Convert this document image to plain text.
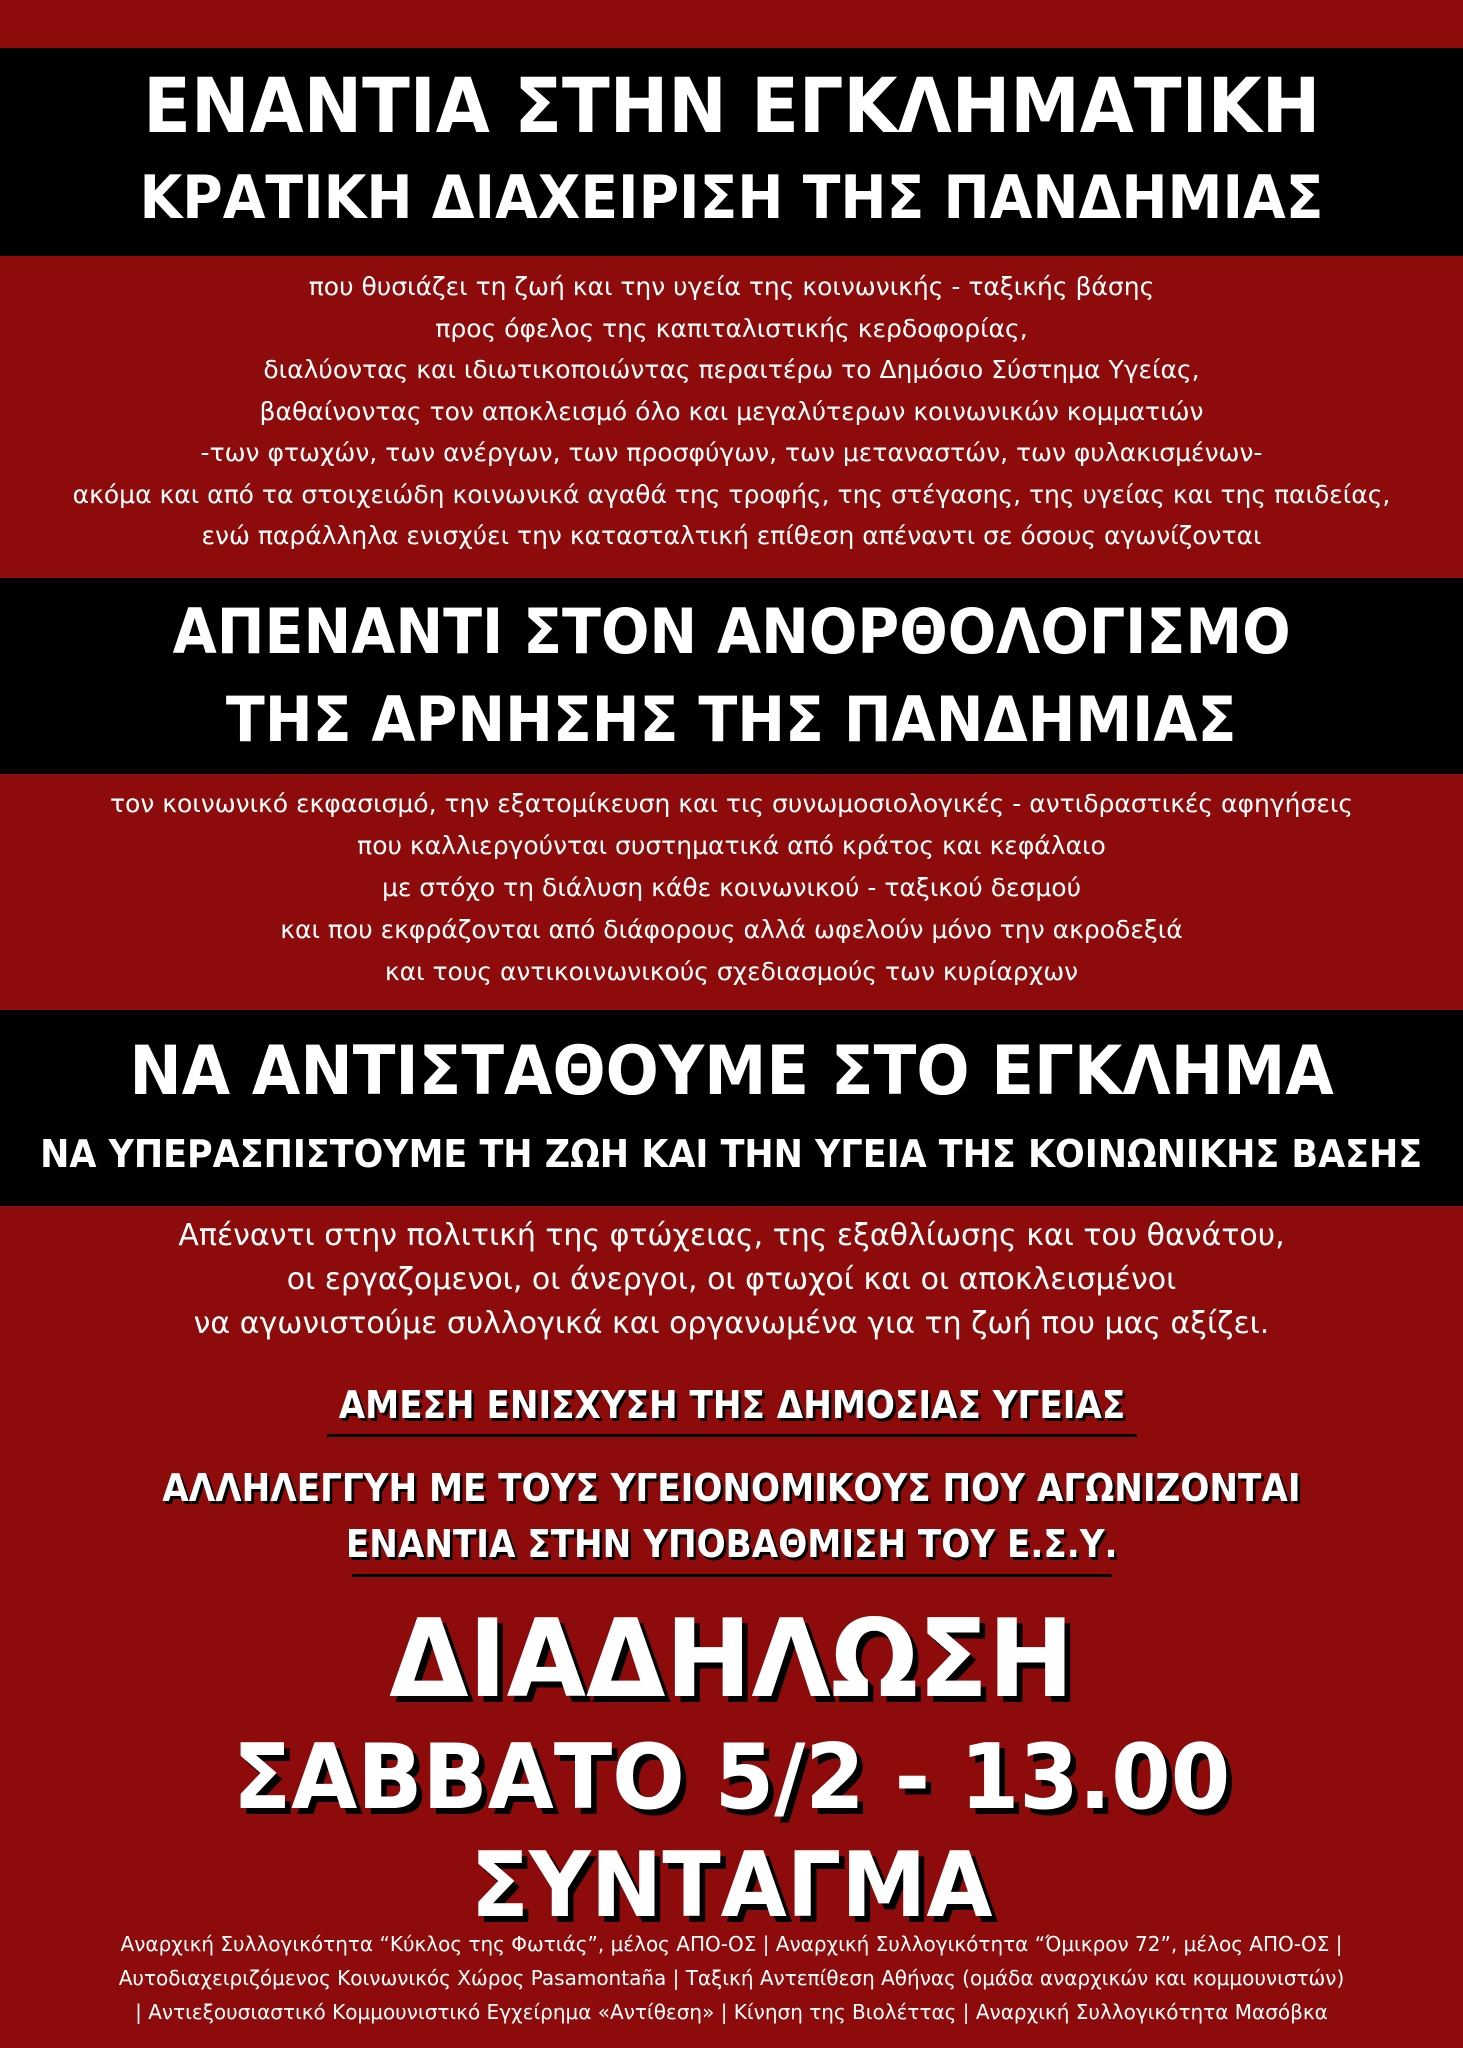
ΕΝΑΝΤΙΑ ΣΤΗΝ ΕΓΚΛΗΜΑΤΙΚΗ
ΚΡΑΤΙΚΗ ΔΙΑΧΕΙΡΙΣΗ ΤΗΣ ΠΑΝΔΗΜΙΑΣ
που θυσιάζει τη ζωή και την υγεία της κοινωνικής - ταξικής βάσης
προς όφελος της καπιταλιστικής κερδοφορίας,
διαλύοντας και ιδιωτικοποιώντας περαιτέρω το Δημόσιο Σύστημα Υγείας,
βαθαίνοντας τον αποκλεισμό όλο και μεγαλύτερων κοινωνικών κομματιών
-των φτωχών, των ανέργων, των προσφύγων, των μεταναστών, των φυλακισμένων-
ακόμα και από τα στοιχειώδη κοινωνικά αγαθά της τροφής, της στέγασης, της υγείας και της παιδείας,
ενώ παράλληλα ενισχύει την κατασταλτική επίθεση απέναντι σε όσους αγωνίζονται
ΑΠΕΝΑΝΤΙ ΣΤΟΝ ΑΝΟΡΘΟΛΟΓΙΣΜΟ
ΤΗΣ ΑΡΝΗΣΗΣ ΤΗΣ ΠΑΝΔΗΜΙΑΣ
τον κοινωνικό εκφασισμό, την εξατομίκευση και τις συνωμοσιολογικές - αντιδραστικές αφηγήσεις
που καλλιεργούνται συστηματικά από κράτος και κεφάλαιο
με στόχο τη διάλυση κάθε κοινωνικού - ταξικού δεσμού
και που εκφράζονται από διάφορους αλλά ωφελούν μόνο την ακροδεξιά
και τους αντικοινωνικούς σχεδιασμούς των κυρίαρχων
ΝΑ ΑΝΤΙΣΤΑΘΟΥΜΕ ΣΤΟ ΕΓΚΛΗΜΑ
ΝΑ ΥΠΕΡΑΣΠΙΣΤΟΥΜΕ ΤΗ ΖΩΗ ΚΑΙ ΤΗΝ ΥΓΕΙΑ ΤΗΣ ΚΟΙΝΩΝΙΚΗΣ ΒΑΣΗΣ
Απέναντι στην πολιτική της φτώχειας, της εξαθλίωσης και του θανάτου,
οι εργαζομενοι, οι άνεργοι, οι φτωχοί και οι αποκλεισμένοι
να αγωνιστούμε συλλογικά και οργανωμένα για τη ζωή που μας αξίζει.
ΑΜΕΣΗ ΕΝΙΣΧΥΣΗ ΤΗΣ ΔΗΜΟΣΙΑΣ ΥΓΕΙΑΣ
ΑΛΛΗΛΕΓΓΥΗ ΜΕ ΤΟΥΣ ΥΓΕΙΟΝΟΜΙΚΟΥΣ ΠΟΥ ΑΓΩΝΙΖΟΝΤΑΙ
ΕΝΑΝΤΙΑ ΣΤΗΝ ΥΠΟΒΑΘΜΙΣΗ ΤΟΥ Ε.Σ.Υ.
ΔΙΑΔΗΛΩΣΗ
ΣΑΒΒΑΤΟ 5/2 - 13.00
ΣΥΝΤΑΓΜΑ
Αναρχική Συλλογικότητα “Κύκλος της Φωτιάς”, μέλος ΑΠΟ-ΟΣ | Αναρχική Συλλογικότητα “Όμικρον 72”, μέλος ΑΠΟ-ΟΣ |
Αυτοδιαχειριζόμενος Κοινωνικός Χώρος Pasamontaña | Ταξική Αντεπίθεση Αθήνας (ομάδα αναρχικών και κομμουνιστών)
| Αντιεξουσιαστικό Κομμουνιστικό Εγχείρημα «Αντίθεση» | Κίνηση της Βιολέττας | Αναρχική Συλλογικότητα Μασόβκα
